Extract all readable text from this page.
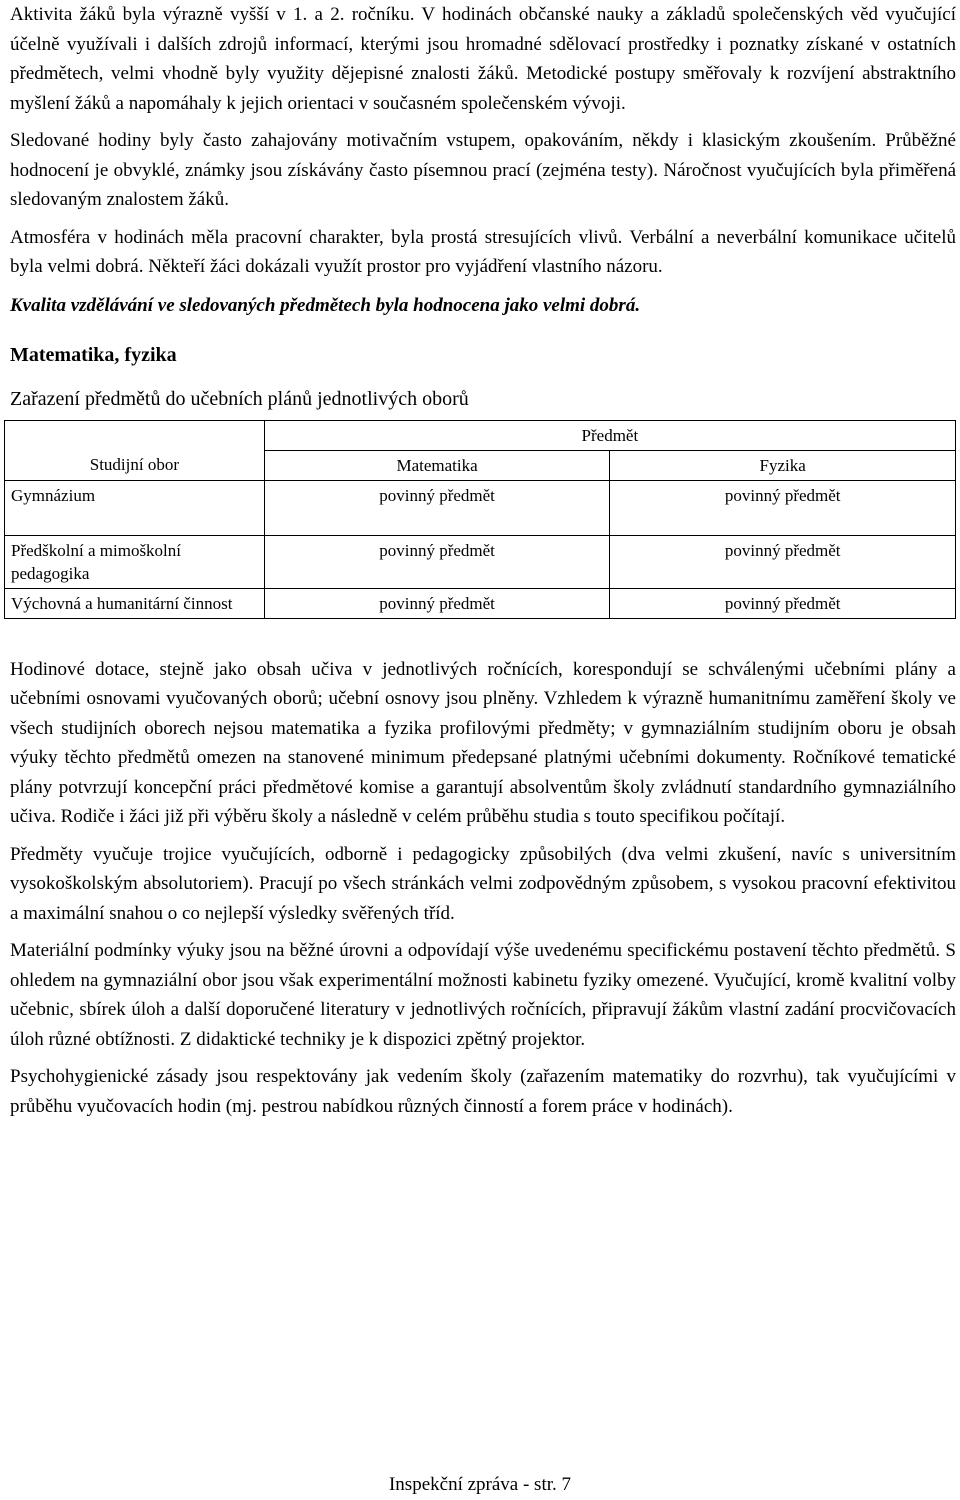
Aktivita žáků byla výrazně vyšší v 1. a 2. ročníku. V hodinách občanské nauky a základů společenských věd vyučující účelně využívali i dalších zdrojů informací, kterými jsou hromadné sdělovací prostředky i poznatky získané v ostatních předmětech, velmi vhodně byly využity dějepisné znalosti žáků. Metodické postupy směřovaly k rozvíjení abstraktního myšlení žáků a napomáhaly k jejich orientaci v současném společenském vývoji.

Sledované hodiny byly často zahajovány motivačním vstupem, opakováním, někdy i klasickým zkoušením. Průběžné hodnocení je obvyklé, známky jsou získávány často písemnou prací (zejména testy). Náročnost vyučujících byla přiměřená sledovaným znalostem žáků.

Atmosféra v hodinách měla pracovní charakter, byla prostá stresujících vlivů. Verbální a neverbální komunikace učitelů byla velmi dobrá. Někteří žáci dokázali využít prostor pro vyjádření vlastního názoru.

Kvalita vzdělávání ve sledovaných předmětech byla hodnocena jako velmi dobrá.

Matematika, fyzika

Zařazení předmětů do učebních plánů jednotlivých oborů

	Předmět	
Studijní obor	Matematika	Fyzika
Gymnázium	povinný předmět	povinný předmět
Předškolní a mimoškolní pedagogika	povinný předmět	povinný předmět
Výchovná a humanitární činnost	povinný předmět	povinný předmět

Hodinové dotace, stejně jako obsah učiva v jednotlivých ročnících, korespondují se schválenými učebními plány a učebními osnovami vyučovaných oborů; učební osnovy jsou plněny. Vzhledem k výrazně humanitnímu zaměření školy ve všech studijních oborech nejsou matematika a fyzika profilovými předměty; v gymnaziálním studijním oboru je obsah výuky těchto předmětů omezen na stanovené minimum předepsané platnými učebními dokumenty. Ročníkové tematické plány potvrzují koncepční práci předmětové komise a garantují absolventům školy zvládnutí standardního gymnaziálního učiva. Rodiče i žáci již při výběru školy a následně v celém průběhu studia s touto specifikou počítají.

Předměty vyučuje trojice vyučujících, odborně i pedagogicky způsobilých (dva velmi zkušení, navíc s universitním vysokoškolským absolutoriem). Pracují po všech stránkách velmi zodpovědným způsobem, s vysokou pracovní efektivitou a maximální snahou o co nejlepší výsledky svěřených tříd.

Materiální podmínky výuky jsou na běžné úrovni a odpovídají výše uvedenému specifickému postavení těchto předmětů. S ohledem na gymnaziální obor jsou však experimentální možnosti kabinetu fyziky omezené. Vyučující, kromě kvalitní volby učebnic, sbírek úloh a další doporučené literatury v jednotlivých ročnících, připravují žákům vlastní zadání procvičovacích úloh různé obtížnosti. Z didaktické techniky je k dispozici zpětný projektor.

Psychohygienické zásady jsou respektovány jak vedením školy (zařazením matematiky do rozvrhu), tak vyučujícími v průběhu vyučovacích hodin (mj. pestrou nabídkou různých činností a forem práce v hodinách).

Inspekční zpráva - str. 7
